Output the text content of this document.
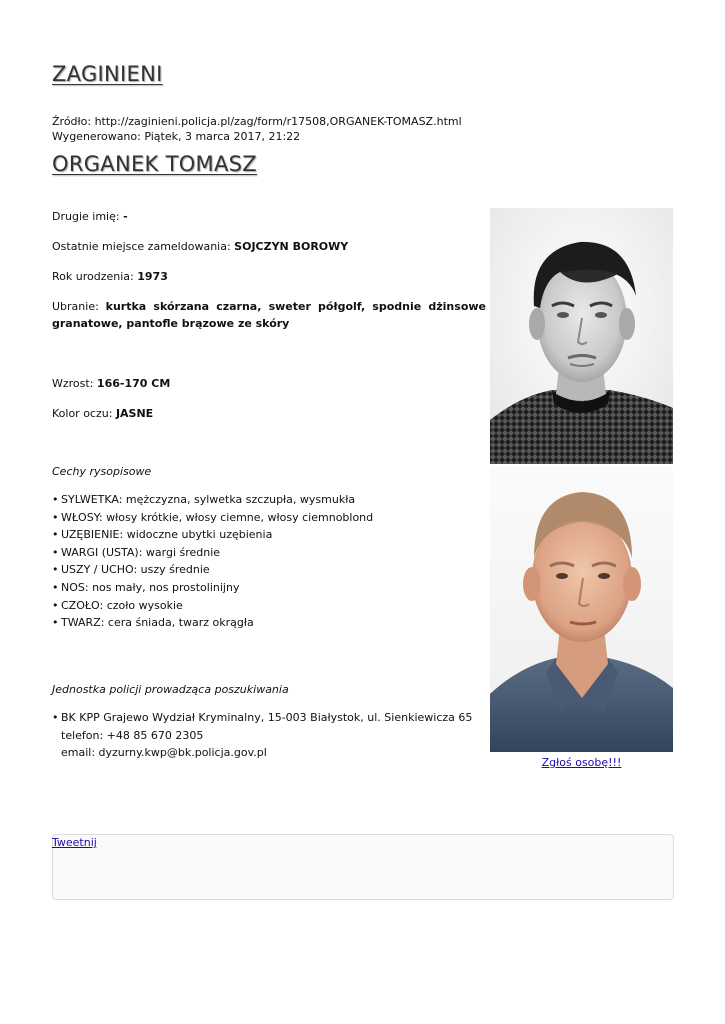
ZAGINIENI
Źródło: http://zaginieni.policja.pl/zag/form/r17508,ORGANEK-TOMASZ.html
Wygenerowano: Piątek, 3 marca 2017, 21:22
ORGANEK TOMASZ
Drugie imię: -
Ostatnie miejsce zameldowania: SOJCZYN BOROWY
Rok urodzenia: 1973
Ubranie: kurtka skórzana czarna, sweter półgolf, spodnie dżinsowe granatowe, pantofle brązowe ze skóry
Wzrost: 166-170 CM
Kolor oczu: JASNE
Cechy rysopisowe
• SYLWETKA: mężczyzna, sylwetka szczupła, wysmukła
• WŁOSY: włosy krótkie, włosy ciemne, włosy ciemnoblond
• UZĘBIENIE: widoczne ubytki uzębienia
• WARGI (USTA): wargi średnie
• USZY / UCHO: uszy średnie
• NOS: nos mały, nos prostolinijny
• CZOŁO: czoło wysokie
• TWARZ: cera śniada, twarz okrągła
Jednostka policji prowadząca poszukiwania
• BK KPP Grajewo Wydział Kryminalny, 15-003 Białystok, ul. Sienkiewicza 65
telefon: +48 85 670 2305
email: dyzurny.kwp@bk.policja.gov.pl
Zgłoś osobę!!!
Tweetnij
